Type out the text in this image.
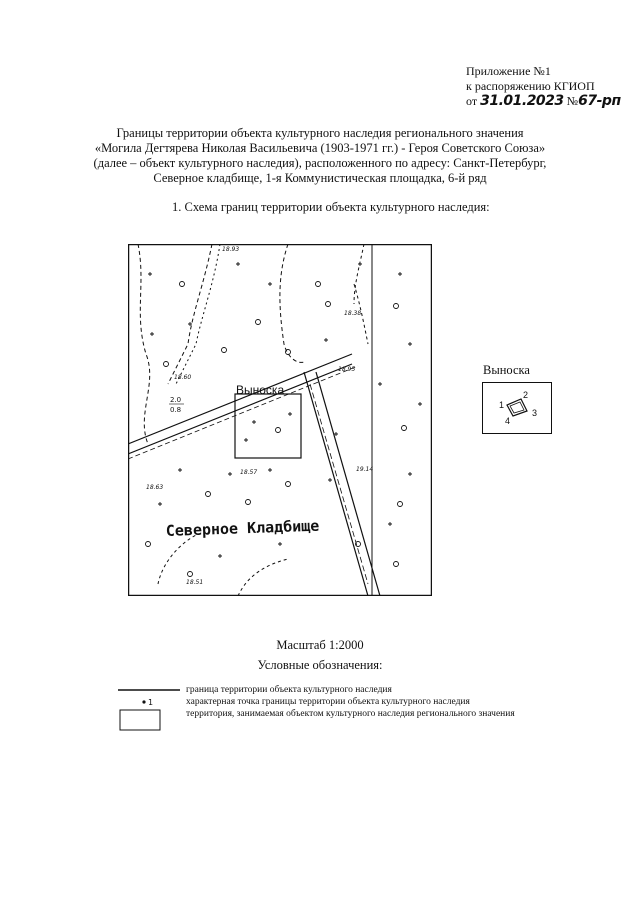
Приложение №1
к распоряжению КГИОП
от 31.01.2023 №67-рп
Границы территории объекта культурного наследия регионального значения
«Могила Дегтярева Николая Васильевича (1903-1971 гг.) - Героя Советского Союза»
(далее – объект культурного наследия), расположенного по адресу: Санкт-Петербург,
Северное кладбище, 1-я Коммунистическая площадка, 6-й ряд
1. Схема границ территории объекта культурного наследия:
18.93
18.38
18.60
18.95
18.57
18.63
19.14
18.51
2.0
0.8
Выноска
Северное Кладбище
Выноска
1
2
3
4
Масштаб 1:2000
Условные обозначения:
1
граница территории объекта культурного наследия
характерная точка границы территории объекта культурного наследия
территория, занимаемая объектом культурного наследия регионального значения
